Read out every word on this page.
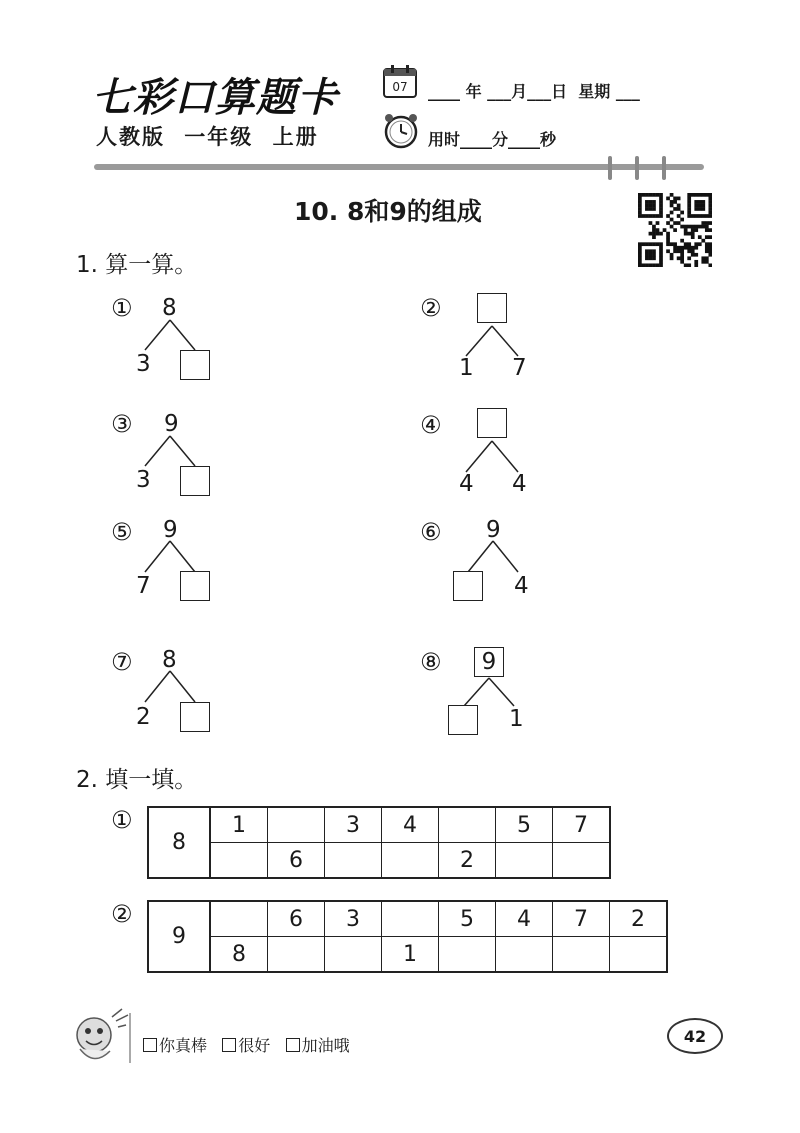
七彩口算题卡
人教版 一年级 上册
07 ____ 年 ___月___日  星期 ___
用时____分____秒
10. 8和9的组成
1. 算一算。
① 8
3
②
1 7
③ 9
3
④
4 4
⑤ 9
7
⑥ 9
4
⑦ 8
2
⑧	9
1
2. 填一填。
①
8	1		3	4		5	7
		6			2		
②
9		6	3		5	4	7	2
	8			1				
你真棒 很好 加油哦	42
